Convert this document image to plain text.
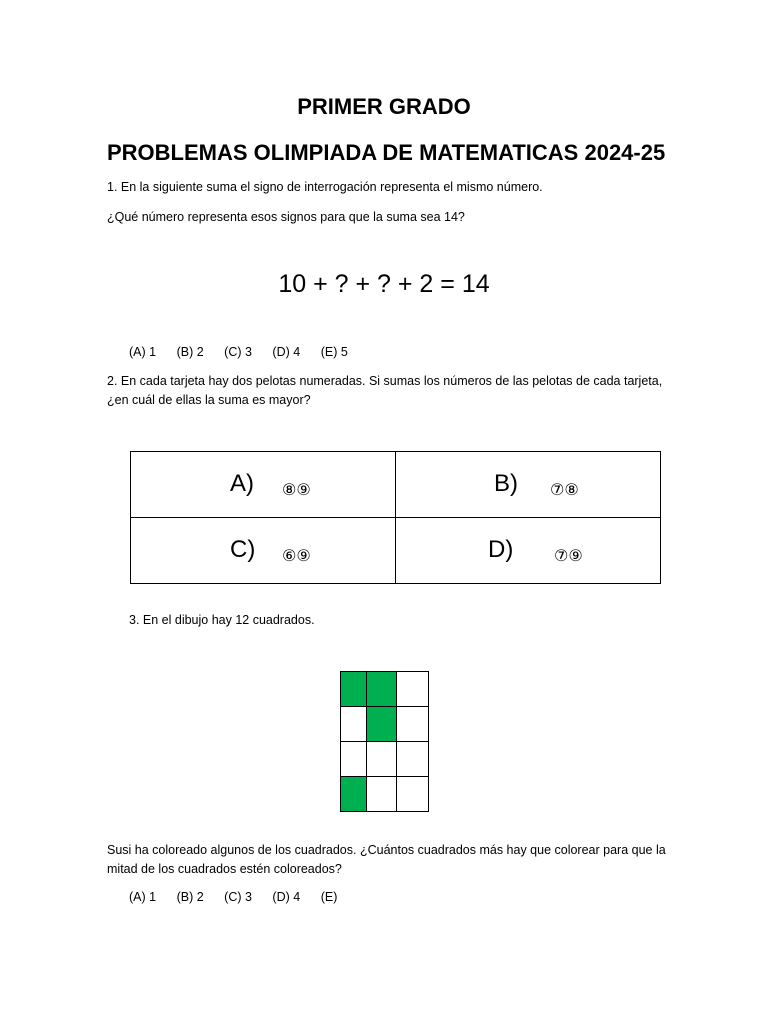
PRIMER GRADO
PROBLEMAS OLIMPIADA DE MATEMATICAS 2024-25
1. En la siguiente suma el signo de interrogación representa el mismo número.
¿Qué número representa esos signos para que la suma sea 14?
10 + ? + ? + 2 = 14
(A) 1 (B) 2 (C) 3 (D) 4 (E) 5
2. En cada tarjeta hay dos pelotas numeradas. Si sumas los números de las pelotas de cada tarjeta,
¿en cuál de ellas la suma es mayor?
A) ⑧⑨	B) ⑦⑧

C) ⑥⑨	D) ⑦⑨
3. En el dibujo hay 12 cuadrados.

Susi ha coloreado algunos de los cuadrados. ¿Cuántos cuadrados más hay que colorear para que la
mitad de los cuadrados estén coloreados?
(A) 1 (B) 2 (C) 3 (D) 4 (E)
